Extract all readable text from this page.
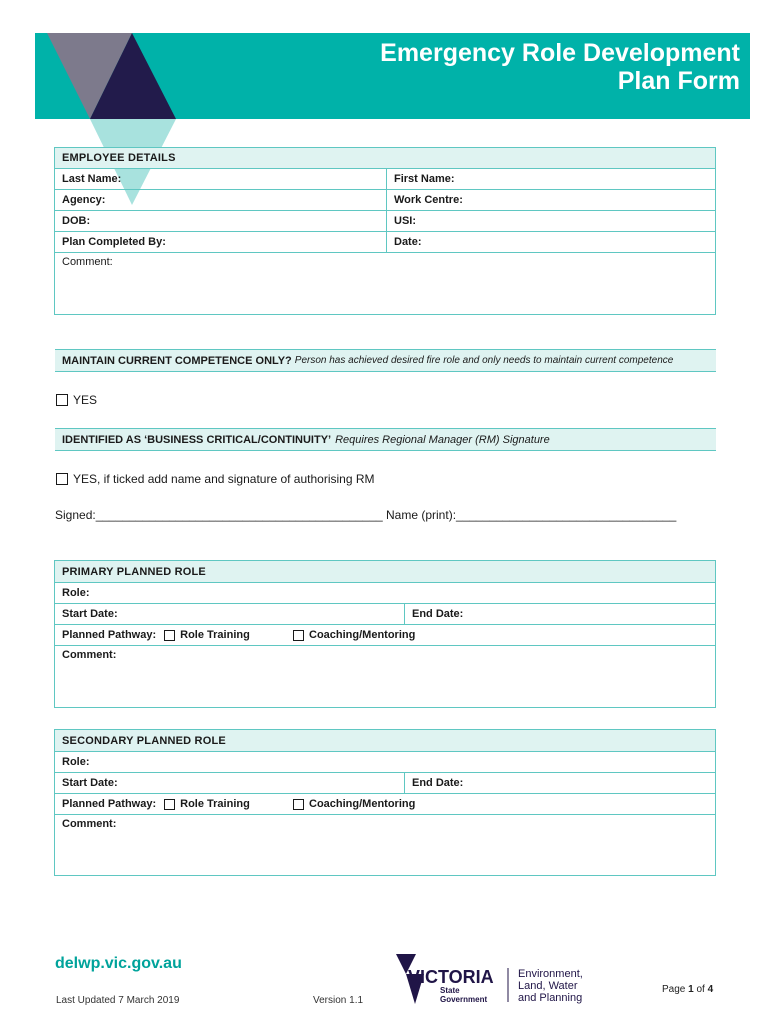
Emergency Role Development
Plan Form
EMPLOYEE DETAILS
Last Name:	First Name:
Agency:	Work Centre:
DOB:	USI:
Plan Completed By:	Date:
Comment:
MAINTAIN CURRENT COMPETENCE ONLY? Person has achieved desired fire role and only needs to maintain current competence
YES
IDENTIFIED AS ‘BUSINESS CRITICAL/CONTINUITY’ Requires Regional Manager (RM) Signature
YES, if ticked add name and signature of authorising RM
Signed:___________________________________________ Name (print):_________________________________
PRIMARY PLANNED ROLE
Role:
Start Date:	End Date:
Planned Pathway: Role Training	Coaching/Mentoring
Comment:
SECONDARY PLANNED ROLE
Role:
Start Date:	End Date:
Planned Pathway: Role Training	Coaching/Mentoring
Comment:
delwp.vic.gov.au
Last Updated 7 March 2019	Version 1.1
VICTORIA
State
Government
Environment,
Land, Water
and Planning
Page 1 of 4
